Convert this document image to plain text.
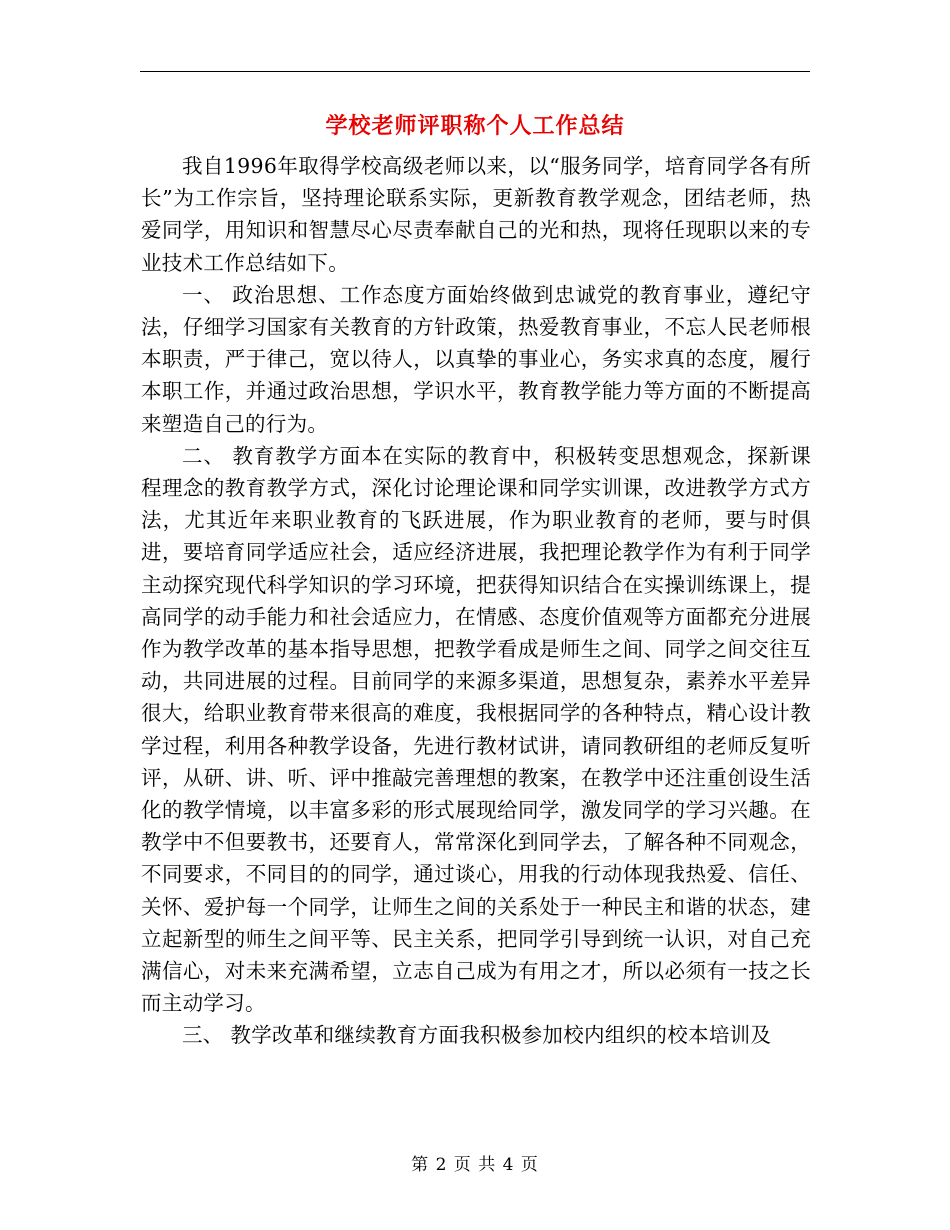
学校老师评职称个人工作总结

我自1996年取得学校高级老师以来，以“服务同学，培育同学各有所长”为工作宗旨，坚持理论联系实际，更新教育教学观念，团结老师，热爱同学，用知识和智慧尽心尽责奉献自己的光和热，现将任现职以来的专业技术工作总结如下。

一、 政治思想、工作态度方面始终做到忠诚党的教育事业，遵纪守法，仔细学习国家有关教育的方针政策，热爱教育事业，不忘人民老师根本职责，严于律己，宽以待人，以真挚的事业心，务实求真的态度，履行本职工作，并通过政治思想，学识水平，教育教学能力等方面的不断提高来塑造自己的行为。

二、 教育教学方面本在实际的教育中，积极转变思想观念，探新课程理念的教育教学方式，深化讨论理论课和同学实训课，改进教学方式方法，尤其近年来职业教育的飞跃进展，作为职业教育的老师，要与时俱进，要培育同学适应社会，适应经济进展，我把理论教学作为有利于同学主动探究现代科学知识的学习环境，把获得知识结合在实操训练课上，提高同学的动手能力和社会适应力，在情感、态度价值观等方面都充分进展作为教学改革的基本指导思想，把教学看成是师生之间、同学之间交往互动，共同进展的过程。目前同学的来源多渠道，思想复杂，素养水平差异很大，给职业教育带来很高的难度，我根据同学的各种特点，精心设计教学过程，利用各种教学设备，先进行教材试讲，请同教研组的老师反复听评，从研、讲、听、评中推敲完善理想的教案，在教学中还注重创设生活化的教学情境，以丰富多彩的形式展现给同学，激发同学的学习兴趣。在教学中不但要教书，还要育人，常常深化到同学去，了解各种不同观念，不同要求，不同目的的同学，通过谈心，用我的行动体现我热爱、信任、关怀、爱护每一个同学，让师生之间的关系处于一种民主和谐的状态，建立起新型的师生之间平等、民主关系，把同学引导到统一认识，对自己充满信心，对未来充满希望，立志自己成为有用之才，所以必须有一技之长而主动学习。

三、 教学改革和继续教育方面我积极参加校内组织的校本培训及

第 2 页 共 4 页
